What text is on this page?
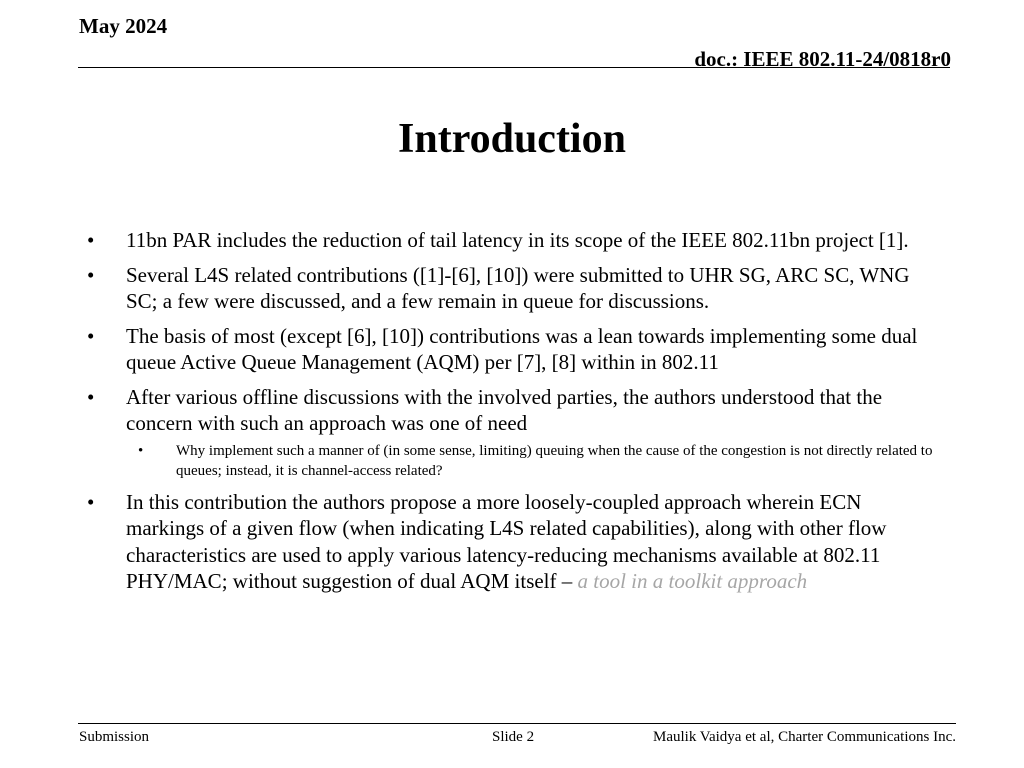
May 2024
doc.: IEEE 802.11-24/0818r0
Introduction
• 11bn PAR includes the reduction of tail latency in its scope of the IEEE 802.11bn project [1].
• Several L4S related contributions ([1]-[6], [10]) were submitted to UHR SG, ARC SC, WNG SC; a few were discussed, and a few remain in queue for discussions.
• The basis of most (except [6], [10]) contributions was a lean towards implementing some dual queue Active Queue Management (AQM) per [7], [8] within in 802.11
• After various offline discussions with the involved parties, the authors understood that the concern with such an approach was one of need
• Why implement such a manner of (in some sense, limiting) queuing when the cause of the congestion is not directly related to queues; instead, it is channel-access related?
• In this contribution the authors propose a more loosely-coupled approach wherein ECN markings of a given flow (when indicating L4S related capabilities), along with other flow characteristics are used to apply various latency-reducing mechanisms available at 802.11 PHY/MAC; without suggestion of dual AQM itself – a tool in a toolkit approach
Submission	Slide 2	Maulik Vaidya et al, Charter Communications Inc.
